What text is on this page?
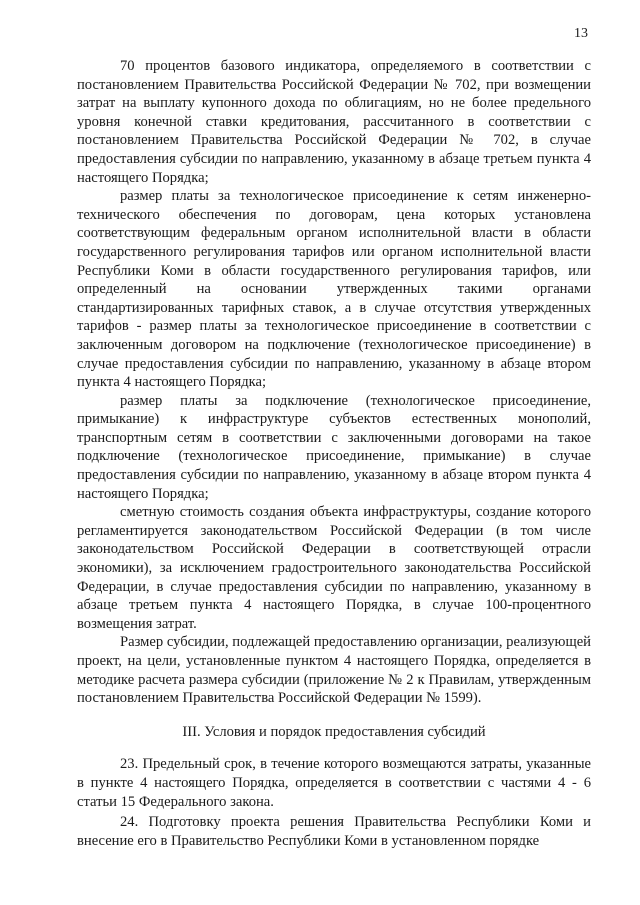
13

70 процентов базового индикатора, определяемого в соответствии с постановлением Правительства Российской Федерации № 702, при возмещении затрат на выплату купонного дохода по облигациям, но не более предельного уровня конечной ставки кредитования, рассчитанного в соответствии с постановлением Правительства Российской Федерации № 702, в случае предоставления субсидии по направлению, указанному в абзаце третьем пункта 4 настоящего Порядка;

размер платы за технологическое присоединение к сетям инженерно-технического обеспечения по договорам, цена которых установлена соответствующим федеральным органом исполнительной власти в области государственного регулирования тарифов или органом исполнительной власти Республики Коми в области государственного регулирования тарифов, или определенный на основании утвержденных такими органами стандартизированных тарифных ставок, а в случае отсутствия утвержденных тарифов - размер платы за технологическое присоединение в соответствии с заключенным договором на подключение (технологическое присоединение) в случае предоставления субсидии по направлению, указанному в абзаце втором пункта 4 настоящего Порядка;

размер платы за подключение (технологическое присоединение, примыкание) к инфраструктуре субъектов естественных монополий, транспортным сетям в соответствии с заключенными договорами на такое подключение (технологическое присоединение, примыкание) в случае предоставления субсидии по направлению, указанному в абзаце втором пункта 4 настоящего Порядка;

сметную стоимость создания объекта инфраструктуры, создание которого регламентируется законодательством Российской Федерации (в том числе законодательством Российской Федерации в соответствующей отрасли экономики), за исключением градостроительного законодательства Российской Федерации, в случае предоставления субсидии по направлению, указанному в абзаце третьем пункта 4 настоящего Порядка, в случае 100-процентного возмещения затрат.

Размер субсидии, подлежащей предоставлению организации, реализующей проект, на цели, установленные пунктом 4 настоящего Порядка, определяется в методике расчета размера субсидии (приложение № 2 к Правилам, утвержденным постановлением Правительства Российской Федерации № 1599).

III. Условия и порядок предоставления субсидий

23. Предельный срок, в течение которого возмещаются затраты, указанные в пункте 4 настоящего Порядка, определяется в соответствии с частями 4 - 6 статьи 15 Федерального закона.

24. Подготовку проекта решения Правительства Республики Коми и внесение его в Правительство Республики Коми в установленном порядке
